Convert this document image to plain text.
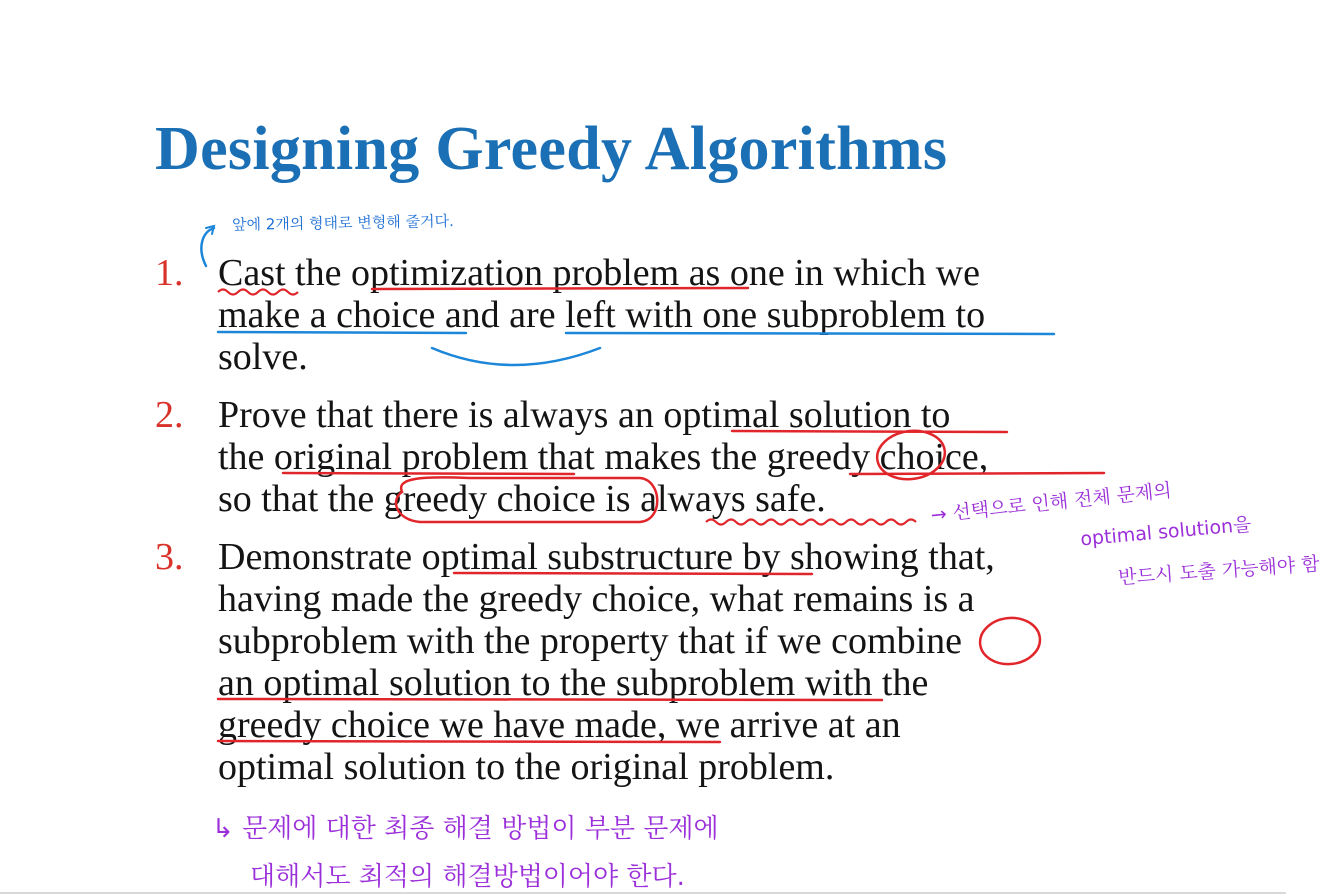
Designing Greedy Algorithms
1. Cast the optimization problem as one in which we
make a choice and are left with one subproblem to
solve.
2. Prove that there is always an optimal solution to
the original problem that makes the greedy choice,
so that the greedy choice is always safe.
3. Demonstrate optimal substructure by showing that,
having made the greedy choice, what remains is a
subproblem with the property that if we combine
an optimal solution to the subproblem with the
greedy choice we have made, we arrive at an
optimal solution to the original problem.
앞에 2개의 형태로 변형해 줄거다.
→ 선택으로 인해 전체 문제의
optimal solution을
반드시 도출 가능해야 함
↳ 문제에 대한 최종 해결 방법이 부분 문제에
대해서도 최적의 해결방법이어야 한다.
